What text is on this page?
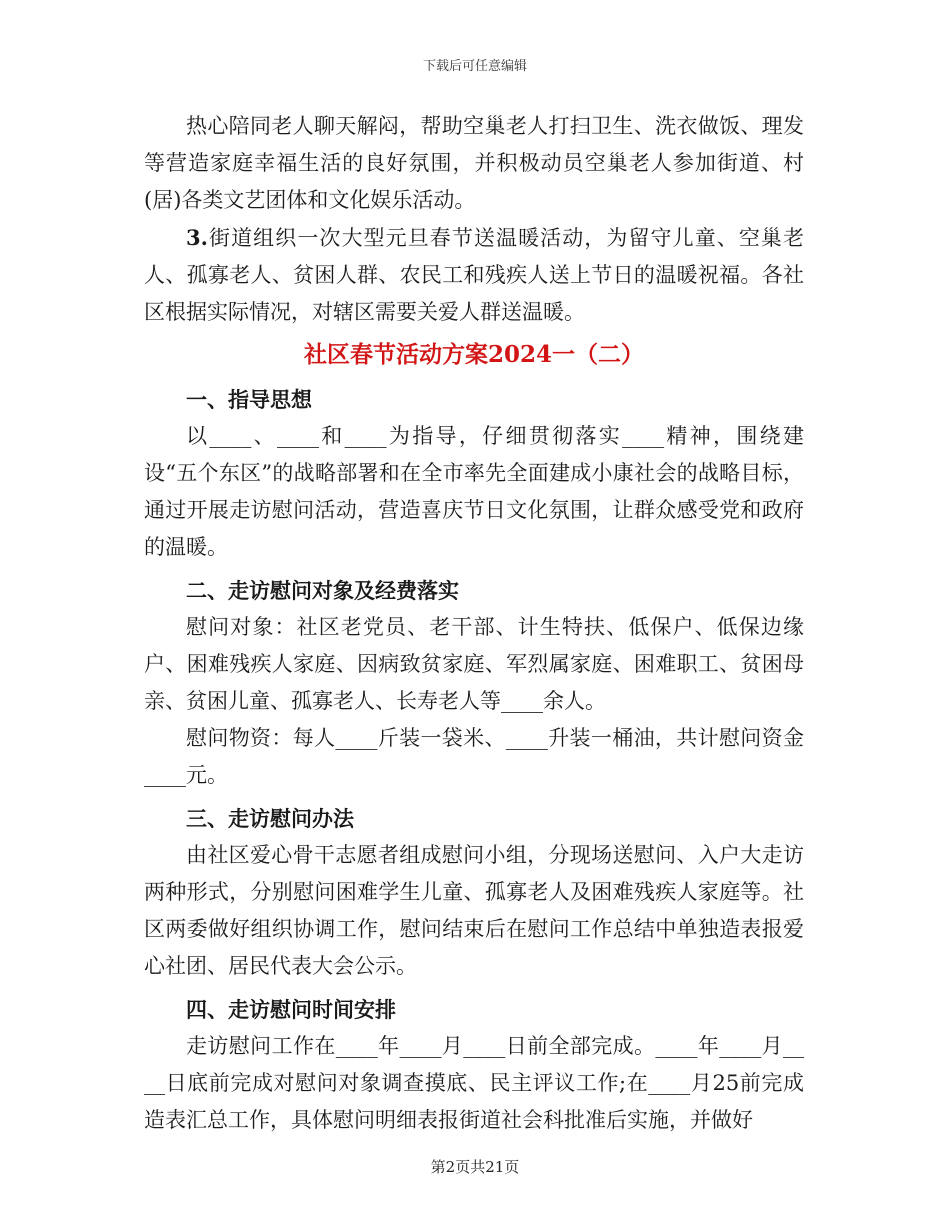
下载后可任意编辑

热心陪同老人聊天解闷，帮助空巢老人打扫卫生、洗衣做饭、理发等营造家庭幸福生活的良好氛围，并积极动员空巢老人参加街道、村(居)各类文艺团体和文化娱乐活动。

3.街道组织一次大型元旦春节送温暖活动，为留守儿童、空巢老人、孤寡老人、贫困人群、农民工和残疾人送上节日的温暖祝福。各社区根据实际情况，对辖区需要关爱人群送温暖。

社区春节活动方案2024一（二）
一、指导思想

以____、____和____为指导，仔细贯彻落实____精神，围绕建设“五个东区”的战略部署和在全市率先全面建成小康社会的战略目标，通过开展走访慰问活动，营造喜庆节日文化氛围，让群众感受党和政府的温暖。

二、走访慰问对象及经费落实

慰问对象：社区老党员、老干部、计生特扶、低保户、低保边缘户、困难残疾人家庭、因病致贫家庭、军烈属家庭、困难职工、贫困母亲、贫困儿童、孤寡老人、长寿老人等____余人。

慰问物资：每人____斤装一袋米、____升装一桶油，共计慰问资金____元。

三、走访慰问办法

由社区爱心骨干志愿者组成慰问小组，分现场送慰问、入户大走访两种形式，分别慰问困难学生儿童、孤寡老人及困难残疾人家庭等。社区两委做好组织协调工作，慰问结束后在慰问工作总结中单独造表报爱心社团、居民代表大会公示。

四、走访慰问时间安排

走访慰问工作在____年____月____日前全部完成。____年____月____日底前完成对慰问对象调查摸底、民主评议工作;在____月25前完成造表汇总工作，具体慰问明细表报街道社会科批准后实施，并做好

第2页共21页
